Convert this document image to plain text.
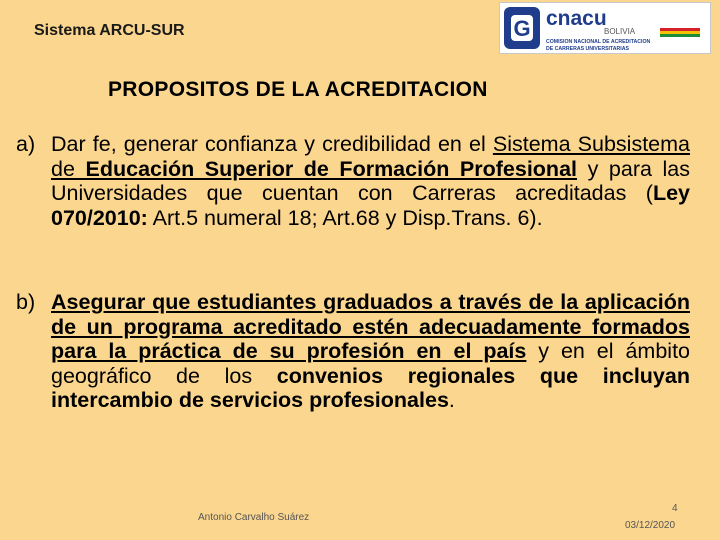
Sistema ARCU-SUR	G cnacu
BOLIVIA
COMISION NACIONAL DE ACREDITACION
DE CARRERAS UNIVERSITARIAS
PROPOSITOS DE LA ACREDITACION
a) Dar fe, generar confianza y credibilidad en el Sistema Subsistema de Educación Superior de Formación Profesional y para las Universidades que cuentan con Carreras acreditadas (Ley 070/2010: Art.5 numeral 18; Art.68 y Disp.Trans. 6).
b) Asegurar que estudiantes graduados a través de la aplicación de un programa acreditado estén adecuadamente formados para la práctica de su profesión en el país y en el ámbito geográfico de los convenios regionales que incluyan intercambio de servicios profesionales.
Antonio Carvalho Suárez
4
03/12/2020
